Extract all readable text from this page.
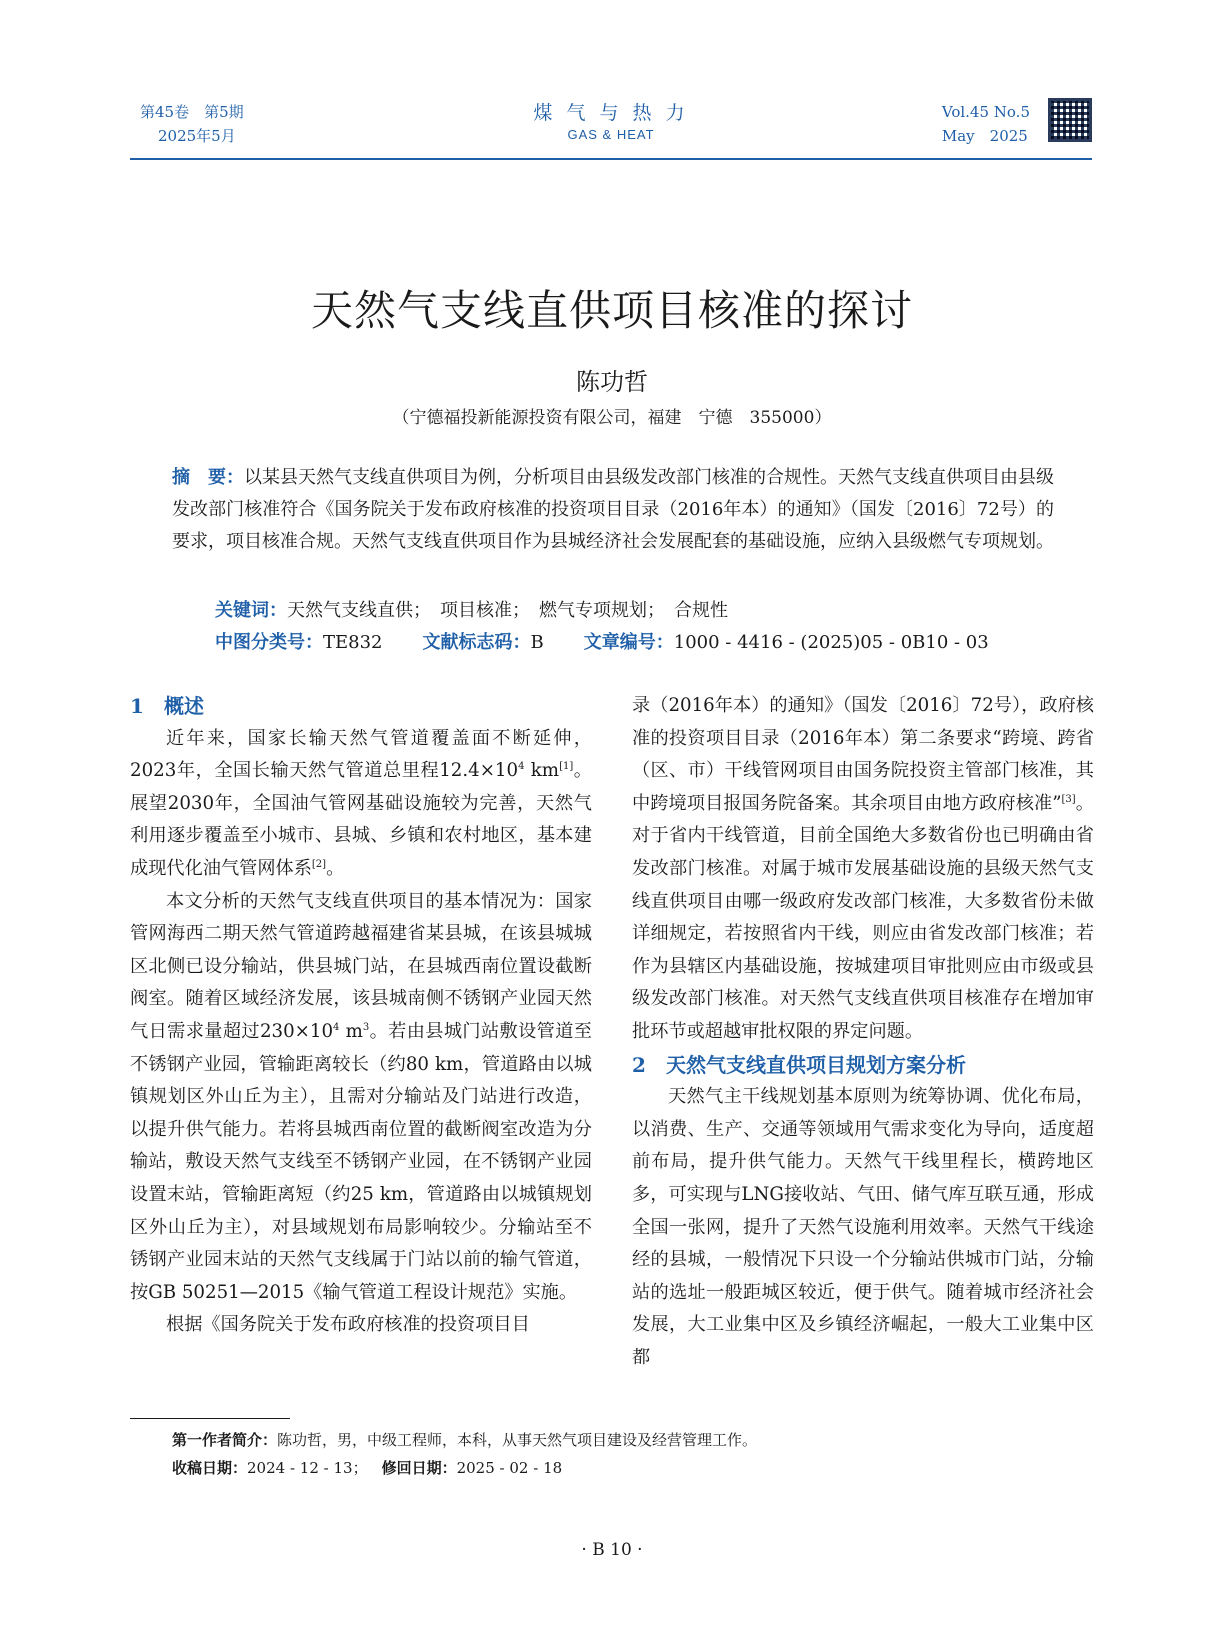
第45卷　第5期
2025年5月
煤 气 与 热 力
GAS & HEAT
Vol.45 No.5
May　2025
天然气支线直供项目核准的探讨
陈功哲
（宁德福投新能源投资有限公司，福建　宁德　355000）
摘　要：以某县天然气支线直供项目为例，分析项目由县级发改部门核准的合规性。天然气支线直供项目由县级发改部门核准符合《国务院关于发布政府核准的投资项目目录（2016年本）的通知》（国发〔2016〕72号）的要求，项目核准合规。天然气支线直供项目作为县城经济社会发展配套的基础设施，应纳入县级燃气专项规划。
关键词：天然气支线直供；　项目核准；　燃气专项规划；　合规性
中图分类号：TE832 文献标志码：B 文章编号：1000 - 4416 - (2025)05 - 0B10 - 03

1 概述

近年来，国家长输天然气管道覆盖面不断延伸，2023年，全国长输天然气管道总里程$12.4\times 10^4$ km[1]。展望2030年，全国油气管网基础设施较为完善，天然气利用逐步覆盖至小城市、县城、乡镇和农村地区，基本建成现代化油气管网体系[2]。

本文分析的天然气支线直供项目的基本情况为：国家管网海西二期天然气管道跨越福建省某县城，在该县城城区北侧已设分输站，供县城门站，在县城西南位置设截断阀室。随着区域经济发展，该县城南侧不锈钢产业园天然气日需求量超过$230\times 10^4$ $m^3$。若由县城门站敷设管道至不锈钢产业园，管输距离较长（约80 km，管道路由以城镇规划区外山丘为主），且需对分输站及门站进行改造，以提升供气能力。若将县城西南位置的截断阀室改造为分输站，敷设天然气支线至不锈钢产业园，在不锈钢产业园设置末站，管输距离短（约25 km，管道路由以城镇规划区外山丘为主），对县域规划布局影响较少。分输站至不锈钢产业园末站的天然气支线属于门站以前的输气管道，按GB 50251—2015《输气管道工程设计规范》实施。

根据《国务院关于发布政府核准的投资项目目

录（2016年本）的通知》（国发〔2016〕72号），政府核准的投资项目目录（2016年本）第二条要求“跨境、跨省（区、市）干线管网项目由国务院投资主管部门核准，其中跨境项目报国务院备案。其余项目由地方政府核准”[3]。对于省内干线管道，目前全国绝大多数省份也已明确由省发改部门核准。对属于城市发展基础设施的县级天然气支线直供项目由哪一级政府发改部门核准，大多数省份未做详细规定，若按照省内干线，则应由省发改部门核准；若作为县辖区内基础设施，按城建项目审批则应由市级或县级发改部门核准。对天然气支线直供项目核准存在增加审批环节或超越审批权限的界定问题。

2 天然气支线直供项目规划方案分析

天然气主干线规划基本原则为统筹协调、优化布局，以消费、生产、交通等领域用气需求变化为导向，适度超前布局，提升供气能力。天然气干线里程长，横跨地区多，可实现与LNG接收站、气田、储气库互联互通，形成全国一张网，提升了天然气设施利用效率。天然气干线途经的县城，一般情况下只设一个分输站供城市门站，分输站的选址一般距城区较近，便于供气。随着城市经济社会发展，大工业集中区及乡镇经济崛起，一般大工业集中区都

第一作者简介：陈功哲，男，中级工程师，本科，从事天然气项目建设及经营管理工作。
收稿日期：2024 - 12 - 13； 修回日期：2025 - 02 - 18
· B 10 ·
